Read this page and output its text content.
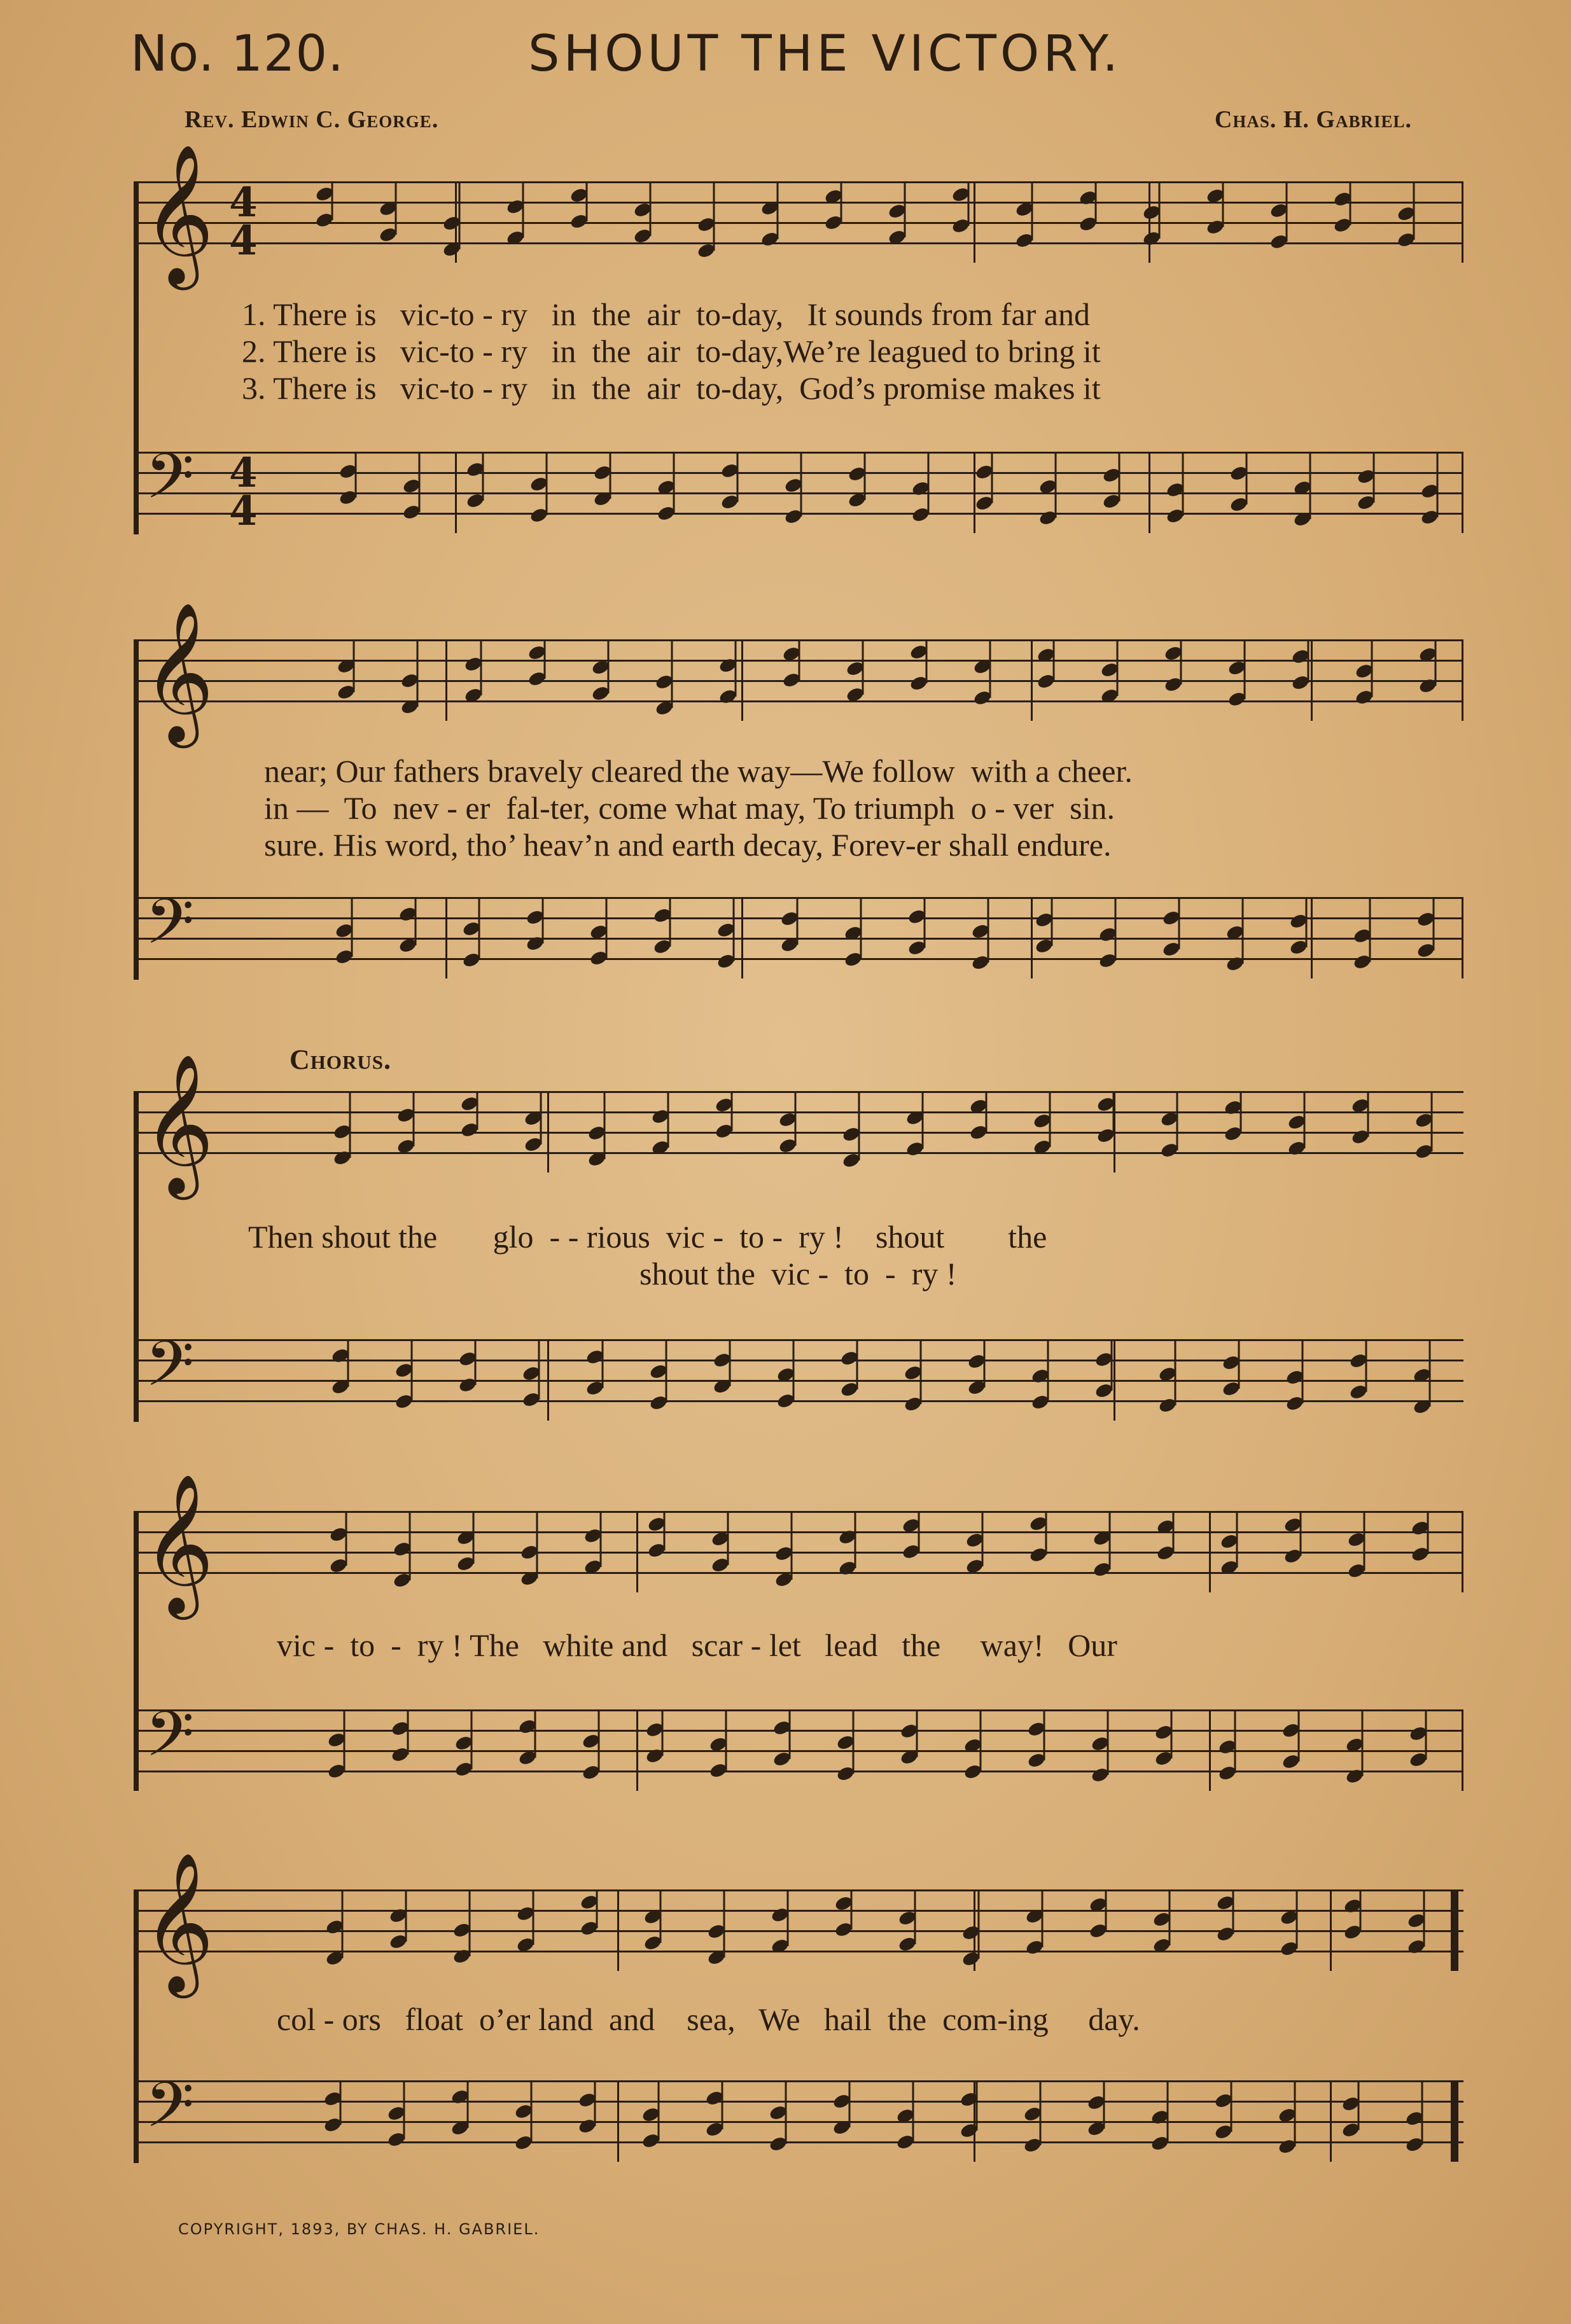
No. 120.	SHOUT THE VICTORY.
Rev. Edwin C. George.	Chas. H. Gabriel.
𝄞 4
4
1. There is   vic-to - ry   in  the  air  to-day,   It sounds from far and
2. There is   vic-to - ry   in  the  air  to-day,We’re leagued to bring it
3. There is   vic-to - ry   in  the  air  to-day,  God’s promise makes it
𝄢 4
4
𝄞
near; Our fathers bravely cleared the way—We follow  with a cheer.
in —  To  nev - er  fal-ter, come what may, To triumph  o - ver  sin.
sure. His word, tho’ heav’n and earth decay, Forev-er shall endure.
𝄢
Chorus.
𝄞
Then shout the       glo  - - rious  vic -  to -  ry !    shout        the
shout the  vic -  to  -  ry !
𝄢
𝄞
vic -  to  -  ry ! The   white and   scar - let   lead   the     way!   Our
𝄢
𝄞
col - ors   float  o’er land  and    sea,   We   hail  the  com-ing     day.
𝄢
COPYRIGHT, 1893, BY CHAS. H. GABRIEL.
